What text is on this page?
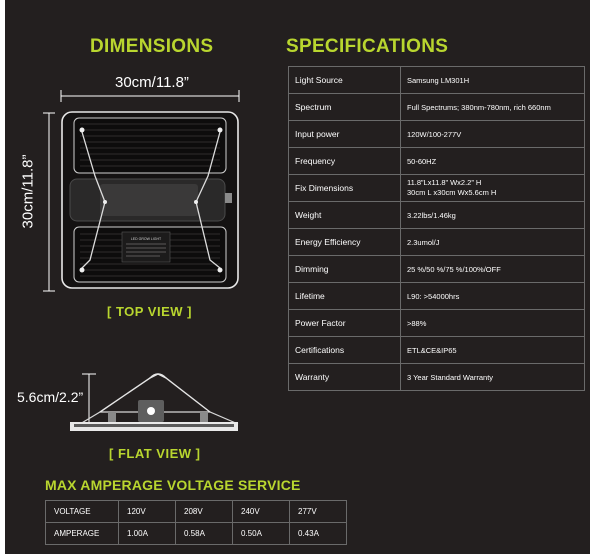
DIMENSIONS	SPECIFICATIONS
30cm/11.8”
30cm/11.8”
LED GROW LIGHT
[ TOP VIEW ]
5.6cm/2.2”
[ FLAT VIEW ]
Light Source	Samsung LM301H
Spectrum	Full Spectrums; 380nm-780nm, rich 660nm
Input power	120W/100-277V
Frequency	50-60HZ
Fix Dimensions	11.8”Lx11.8” Wx2.2” H
30cm L x30cm Wx5.6cm H

Weight	3.22lbs/1.46kg
Energy Efficiency	2.3umol/J
Dimming	25 %/50 %/75 %/100%/OFF
Lifetime	L90: >54000hrs
Power Factor	>88%
Certifications	ETL&CE&IP65
Warranty	3 Year Standard Warranty
MAX AMPERAGE VOLTAGE SERVICE
VOLTAGE	120V	208V	240V	277V
AMPERAGE	1.00A	0.58A	0.50A	0.43A
